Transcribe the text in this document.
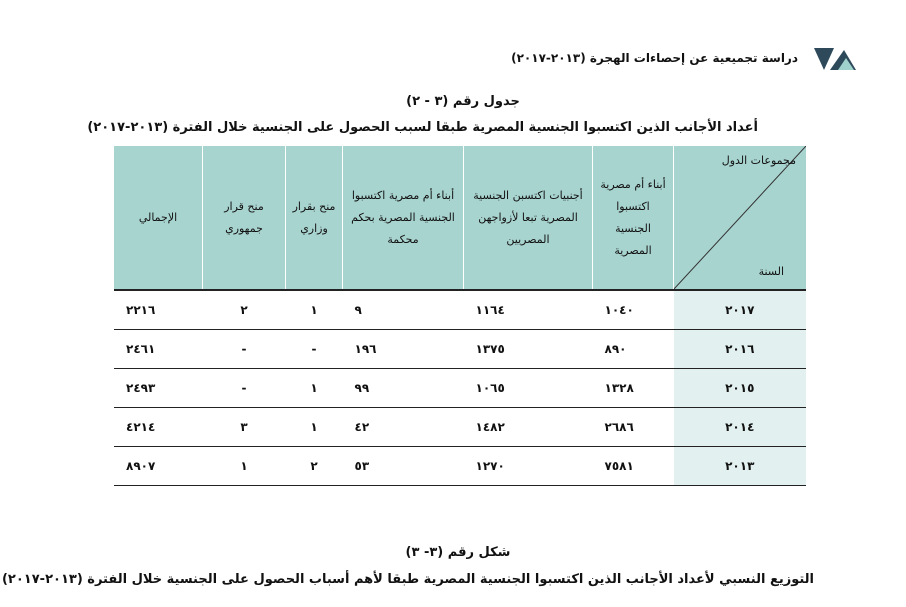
دراسة تجميعية عن إحصاءات الهجرة (٢٠١٣-٢٠١٧)
جدول رقم (٣ - ٢)
أعداد الأجانب الذين اكتسبوا الجنسية المصرية طبقا لسبب الحصول على الجنسية خلال الفترة (٢٠١٣-٢٠١٧)
مجموعات الدول
السنة	أبناء أم مصرية اكتسبوا الجنسية المصرية	أجنبيات اكتسبن الجنسية المصرية تبعا لأزواجهن المصريين	أبناء أم مصرية اكتسبوا الجنسية المصرية بحكم محكمة	منح بقرار وزاري	منح قرار جمهوري	الإجمالي
٢٠١٧	١٠٤٠	١١٦٤	٩	١	٢	٢٢١٦
٢٠١٦	٨٩٠	١٣٧٥	١٩٦	-	-	٢٤٦١
٢٠١٥	١٣٢٨	١٠٦٥	٩٩	١	-	٢٤٩٣
٢٠١٤	٢٦٨٦	١٤٨٢	٤٢	١	٣	٤٢١٤
٢٠١٣	٧٥٨١	١٢٧٠	٥٣	٢	١	٨٩٠٧
شكل رقم (٣- ٣)
التوزيع النسبي لأعداد الأجانب الذين اكتسبوا الجنسية المصرية طبقا لأهم أسباب الحصول على الجنسية خلال الفترة (٢٠١٣-٢٠١٧)
